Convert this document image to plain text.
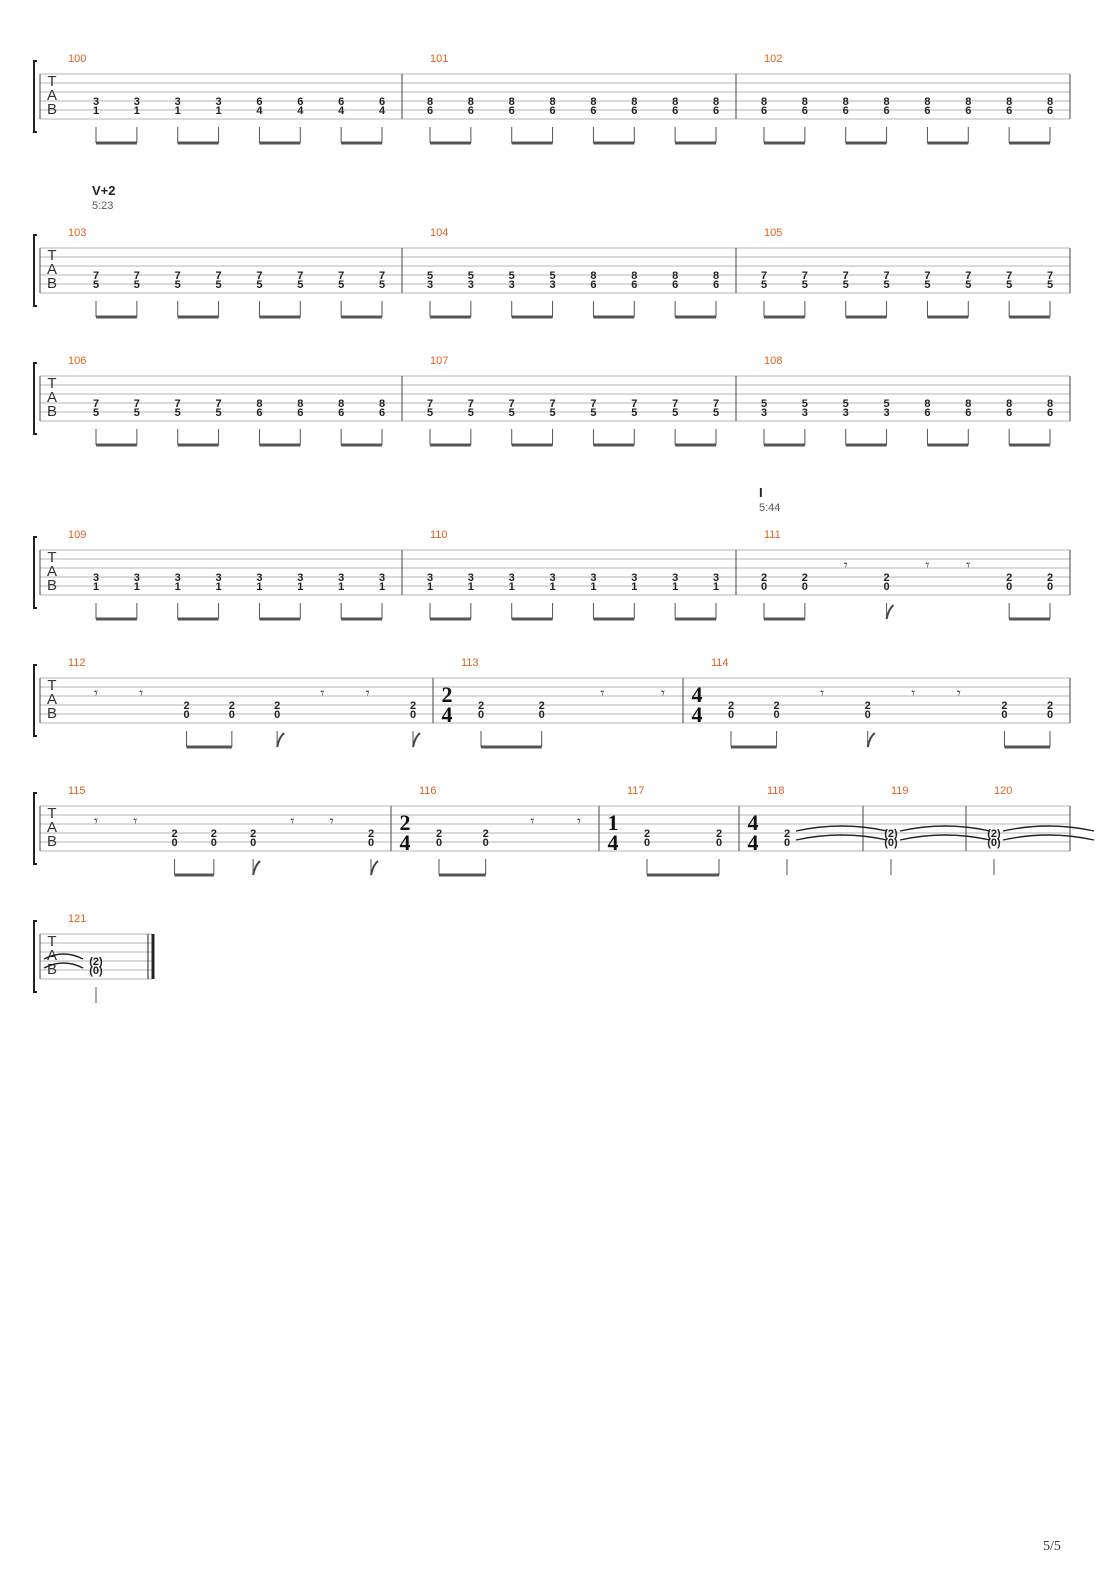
T
A
B
100
3
1
3
1
3
1
3
1
6
4
6
4
6
4
6
4
101
8
6
8
6
8
6
8
6
8
6
8
6
8
6
8
6
102
8
6
8
6
8
6
8
6
8
6
8
6
8
6
8
6
T
A
B
V+2
5:23
103
7
5
7
5
7
5
7
5
7
5
7
5
7
5
7
5
104
5
3
5
3
5
3
5
3
8
6
8
6
8
6
8
6
105
7
5
7
5
7
5
7
5
7
5
7
5
7
5
7
5
T
A
B
106
7
5
7
5
7
5
7
5
8
6
8
6
8
6
8
6
107
7
5
7
5
7
5
7
5
7
5
7
5
7
5
7
5
108
5
3
5
3
5
3
5
3
8
6
8
6
8
6
8
6
T
A
B
I
5:44
109
3
1
3
1
3
1
3
1
3
1
3
1
3
1
3
1
110
3
1
3
1
3
1
3
1
3
1
3
1
3
1
3
1
111
2
0
2
0
𝄾
2
0
𝄾 𝄾
2
0
2
0
T
A
B
112
𝄾	𝄾
2
0
2
0
2
0
𝄾	𝄾
2
0
113
2
4 2
0
2
0
𝄾	𝄾
114
4
4 2
0
2
0
𝄾
2
0
𝄾	𝄾
2
0
2
0
T
A
B
115
𝄾 𝄾
2
0
2
0
2
0
𝄾 𝄾
2
0
116
2
4 2
0
2
0
𝄾	𝄾
117
1
4 2
0
2
0
118
4
4 2
0
119
(2)
(0)
120
(2)
(0)
T
A
B
121
(2)
(0)
5/5
